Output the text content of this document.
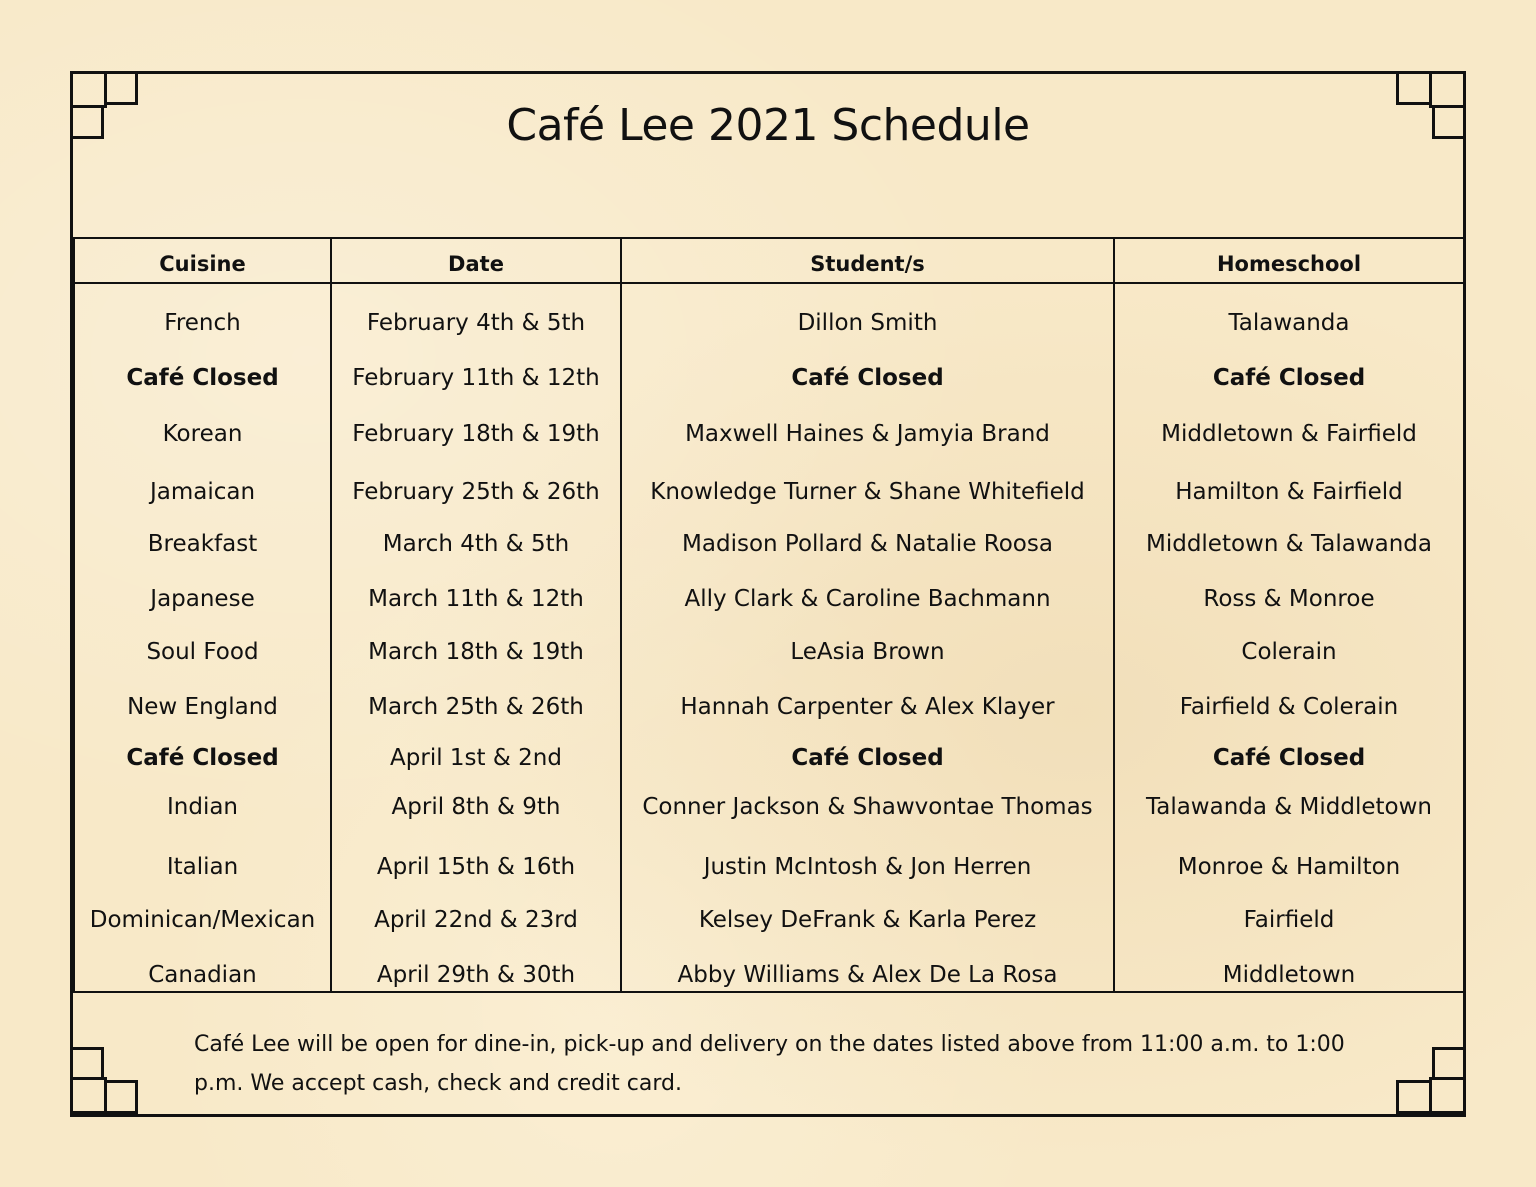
Café Lee 2021 Schedule
Cuisine	Date	Student/s	Homeschool
French	February 4th & 5th	Dillon Smith	Talawanda
Café Closed	February 11th & 12th	Café Closed	Café Closed
Korean	February 18th & 19th	Maxwell Haines & Jamyia Brand	Middletown & Fairfield
Jamaican	February 25th & 26th	Knowledge Turner & Shane Whitefield	Hamilton & Fairfield
Breakfast	March 4th & 5th	Madison Pollard & Natalie Roosa	Middletown & Talawanda
Japanese	March 11th & 12th	Ally Clark & Caroline Bachmann	Ross & Monroe
Soul Food	March 18th & 19th	LeAsia Brown	Colerain
New England	March 25th & 26th	Hannah Carpenter & Alex Klayer	Fairfield & Colerain
Café Closed	April 1st & 2nd	Café Closed	Café Closed
Indian	April 8th & 9th	Conner Jackson & Shawvontae Thomas	Talawanda & Middletown
Italian	April 15th & 16th	Justin McIntosh & Jon Herren	Monroe & Hamilton
Dominican/Mexican	April 22nd & 23rd	Kelsey DeFrank & Karla Perez	Fairfield
Canadian	April 29th & 30th	Abby Williams & Alex De La Rosa	Middletown
Café Lee will be open for dine-in, pick-up and delivery on the dates listed above from 11:00 a.m. to 1:00
p.m. We accept cash, check and credit card.
